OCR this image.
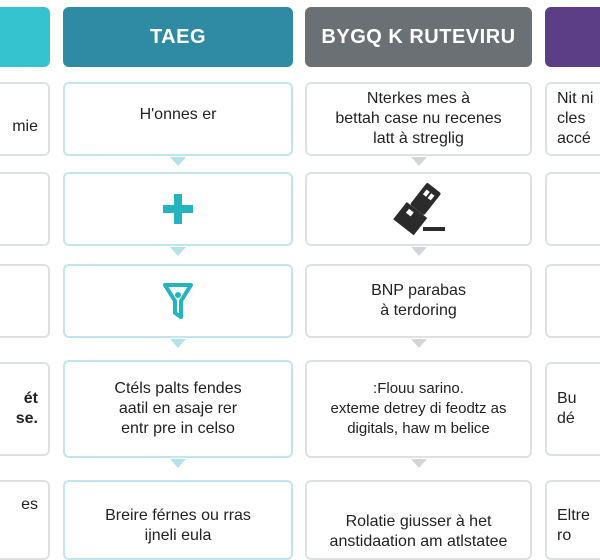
mie
ét
se.
es
TAEG
H'onnes er
Ctéls palts fendes
aatil en asaje rer
entr pre in celso
Breire férnes ou rras
ijneli eula
BYGQ K RUTEVIRU
Nterkes mes à
bettah case nu recenes
latt à streglig
BNP parabas
à terdoring
:Flouu sarino.
exteme detrey di feodtz as
digitals, haw m belice
Rolatie giusser à het
anstidaation am atlstatee
Nit ni
cles
accé
Bu
dé
Eltre
ro
